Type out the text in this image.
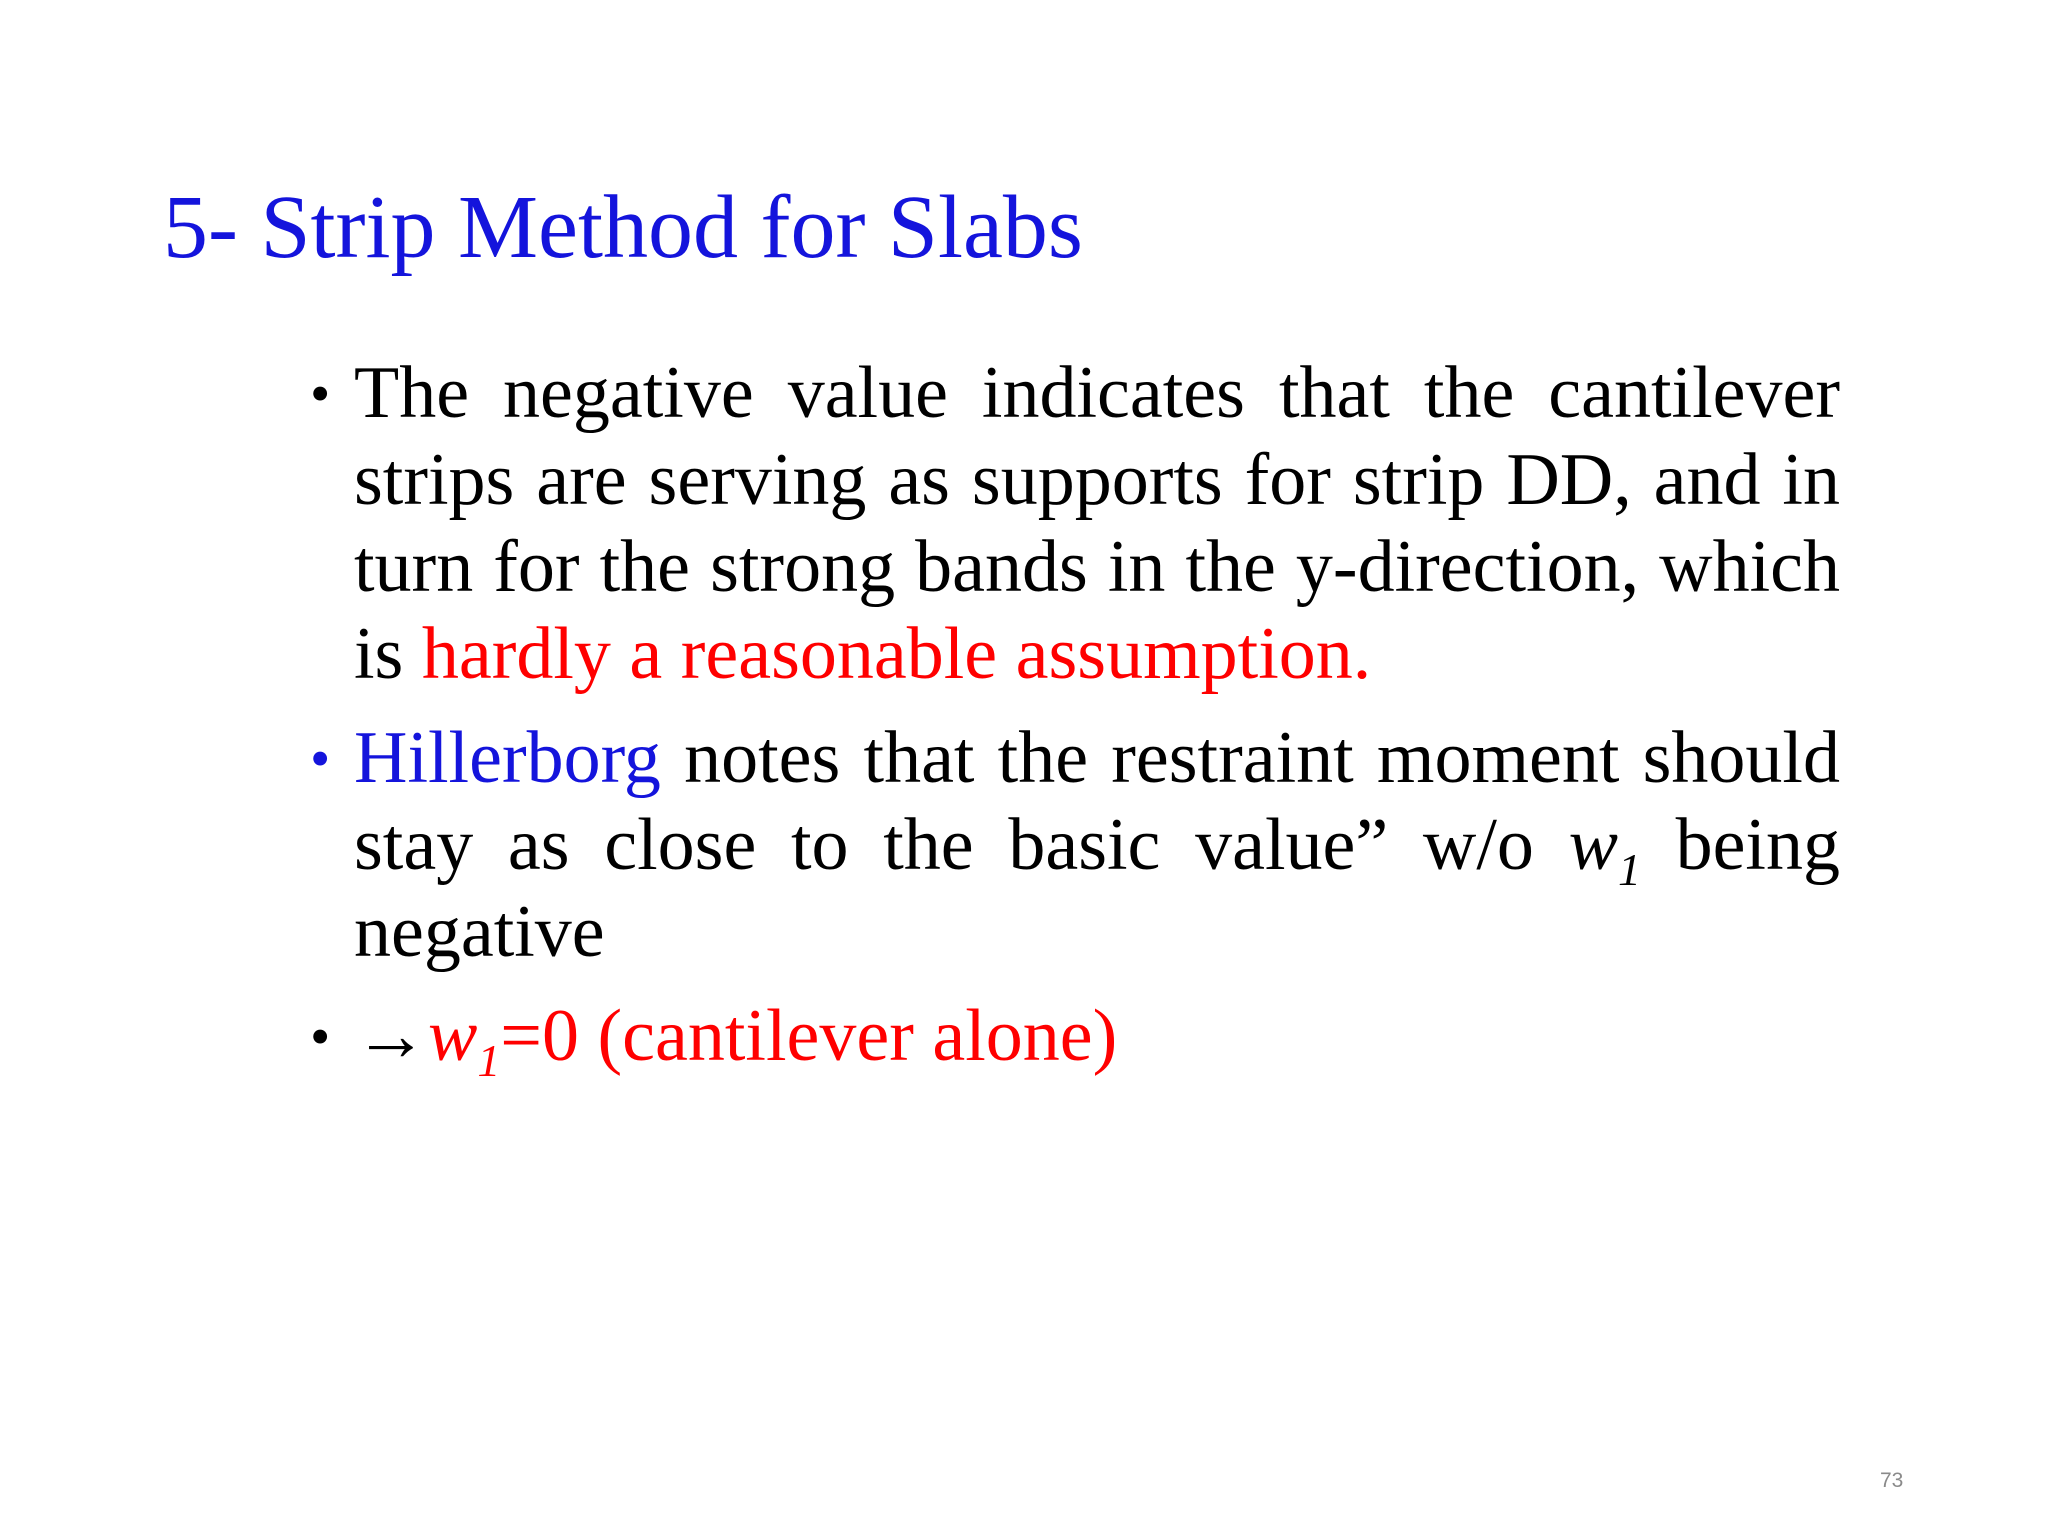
5- Strip Method for Slabs
• The negative value indicates that the cantilever strips are serving as supports for strip DD, and in turn for the strong bands in the y-direction, which is hardly a reasonable assumption.
• Hillerborg notes that the restraint moment should stay as close to the basic value” w/o $w_1$ being negative
• $\to w_1=0$ (cantilever alone)
73
